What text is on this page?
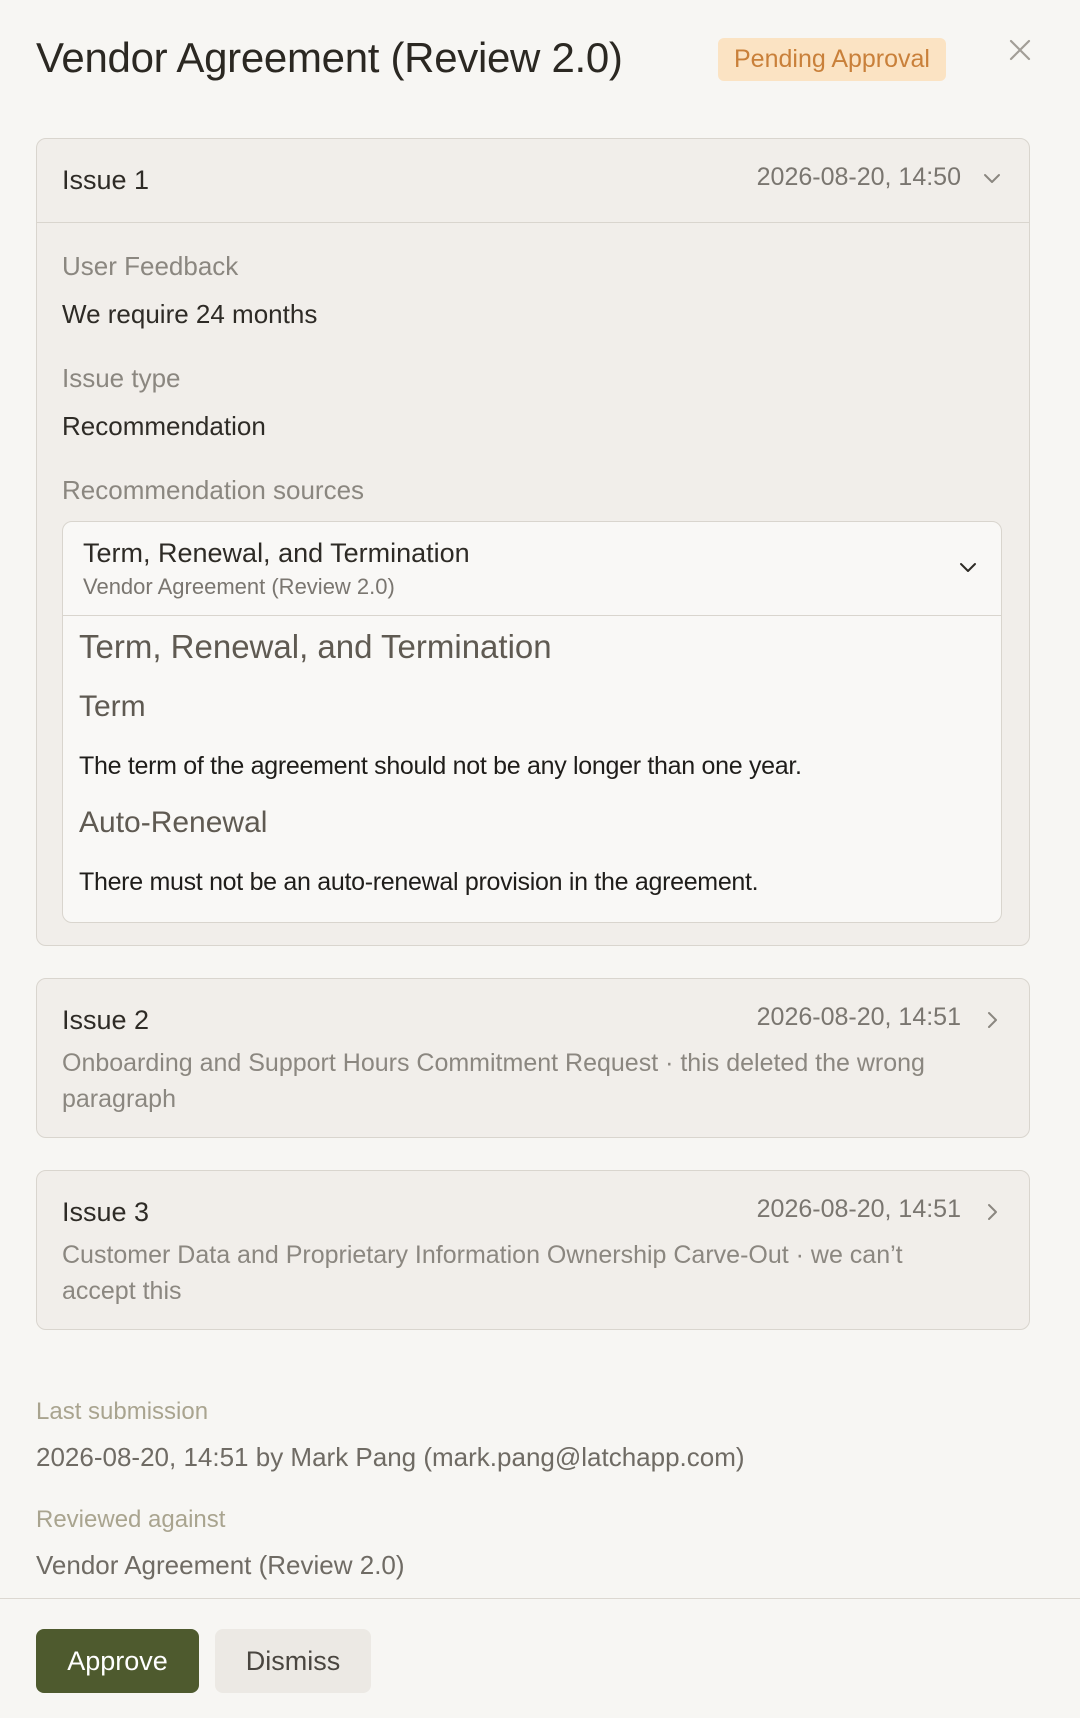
Vendor Agreement (Review 2.0)	Pending Approval
Issue 1	2026-08-20, 14:50
User Feedback
We require 24 months
Issue type
Recommendation
Recommendation sources
Term, Renewal, and Termination
Vendor Agreement (Review 2.0)
Term, Renewal, and Termination
Term
The term of the agreement should not be any longer than one year.
Auto-Renewal
There must not be an auto-renewal provision in the agreement.
Issue 2	2026-08-20, 14:51
Onboarding and Support Hours Commitment Request · this deleted the wrong paragraph
Issue 3	2026-08-20, 14:51
Customer Data and Proprietary Information Ownership Carve-Out · we can’t accept this
Last submission
2026-08-20, 14:51 by Mark Pang (mark.pang@latchapp.com)
Reviewed against
Vendor Agreement (Review 2.0)
Approve	Dismiss
